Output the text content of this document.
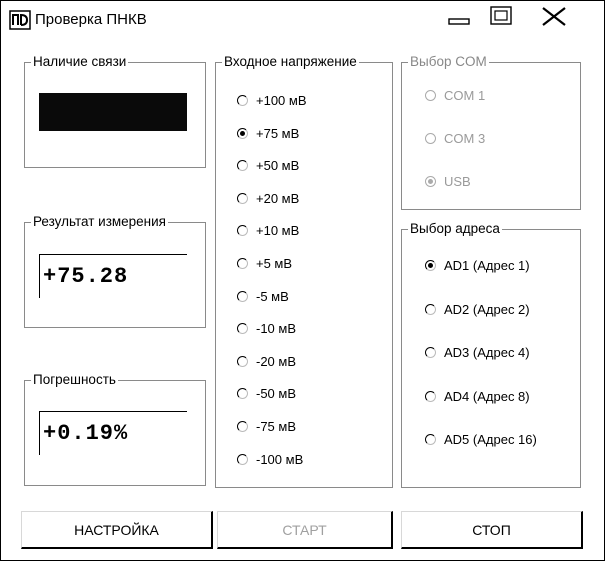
Проверка ПНКВ
Наличие связи
Результат измерения
+75.28
Погрешность
+0.19%
Входное напряжение
+100 мВ
+75 мВ
+50 мВ
+20 мВ
+10 мВ
+5 мВ
-5 мВ
-10 мВ
-20 мВ
-50 мВ
-75 мВ
-100 мВ
Выбор COM
COM 1
COM 3
USB
Выбор адреса
AD1 (Адрес 1)
AD2 (Адрес 2)
AD3 (Адрес 4)
AD4 (Адрес 8)
AD5 (Адрес 16)
НАСТРОЙКА	СТАРТ	СТОП
